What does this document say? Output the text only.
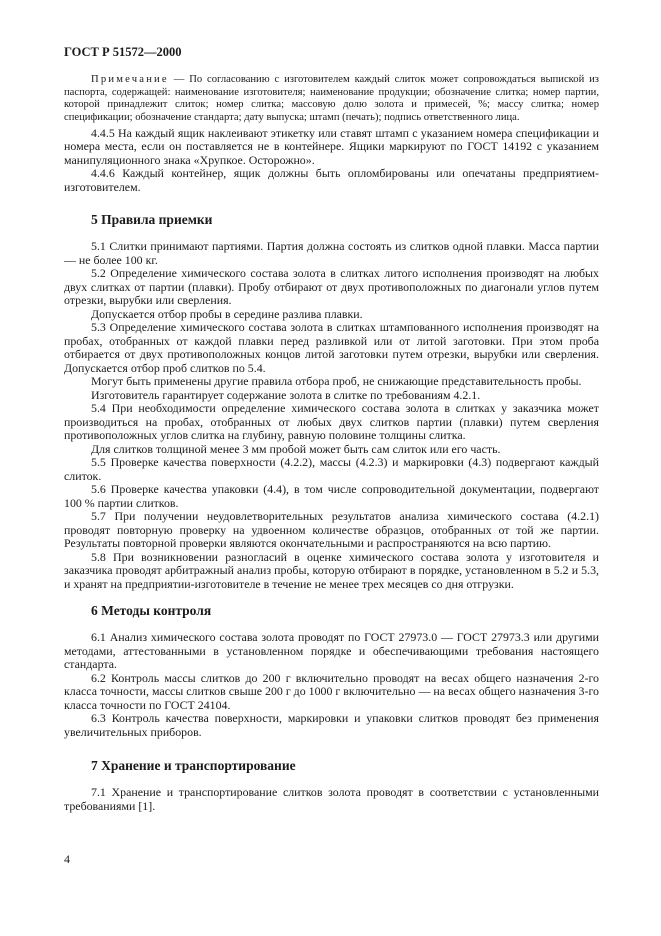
ГОСТ Р 51572—2000

Примечание — По согласованию с изготовителем каждый слиток может сопровождаться выпиской из паспорта, содержащей: наименование изготовителя; наименование продукции; обозначение слитка; номер партии, которой принадлежит слиток; номер слитка; массовую долю золота и примесей, %; массу слитка; номер спецификации; обозначение стандарта; дату выпуска; штамп (печать); подпись ответственного лица.

4.4.5 На каждый ящик наклеивают этикетку или ставят штамп с указанием номера спецификации и номера места, если он поставляется не в контейнере. Ящики маркируют по ГОСТ 14192 с указанием манипуляционного знака «Хрупкое. Осторожно».

4.4.6 Каждый контейнер, ящик должны быть опломбированы или опечатаны предприятием-изготовителем.

5 Правила приемки

5.1 Слитки принимают партиями. Партия должна состоять из слитков одной плавки. Масса партии — не более 100 кг.

5.2 Определение химического состава золота в слитках литого исполнения производят на любых двух слитках от партии (плавки). Пробу отбирают от двух противоположных по диагонали углов путем отрезки, вырубки или сверления.

Допускается отбор пробы в середине разлива плавки.

5.3 Определение химического состава золота в слитках штампованного исполнения производят на пробах, отобранных от каждой плавки перед разливкой или от литой заготовки. При этом проба отбирается от двух противоположных концов литой заготовки путем отрезки, вырубки или сверления. Допускается отбор проб слитков по 5.4.

Могут быть применены другие правила отбора проб, не снижающие представительность пробы.

Изготовитель гарантирует содержание золота в слитке по требованиям 4.2.1.

5.4 При необходимости определение химического состава золота в слитках у заказчика может производиться на пробах, отобранных от любых двух слитков партии (плавки) путем сверления противоположных углов слитка на глубину, равную половине толщины слитка.

Для слитков толщиной менее 3 мм пробой может быть сам слиток или его часть.

5.5 Проверке качества поверхности (4.2.2), массы (4.2.3) и маркировки (4.3) подвергают каждый слиток.

5.6 Проверке качества упаковки (4.4), в том числе сопроводительной документации, подвергают 100 % партии слитков.

5.7 При получении неудовлетворительных результатов анализа химического состава (4.2.1) проводят повторную проверку на удвоенном количестве образцов, отобранных от той же партии. Результаты повторной проверки являются окончательными и распространяются на всю партию.

5.8 При возникновении разногласий в оценке химического состава золота у изготовителя и заказчика проводят арбитражный анализ пробы, которую отбирают в порядке, установленном в 5.2 и 5.3, и хранят на предприятии-изготовителе в течение не менее трех месяцев со дня отгрузки.

6 Методы контроля

6.1 Анализ химического состава золота проводят по ГОСТ 27973.0 — ГОСТ 27973.3 или другими методами, аттестованными в установленном порядке и обеспечивающими требования настоящего стандарта.

6.2 Контроль массы слитков до 200 г включительно проводят на весах общего назначения 2-го класса точности, массы слитков свыше 200 г до 1000 г включительно — на весах общего назначения 3-го класса точности по ГОСТ 24104.

6.3 Контроль качества поверхности, маркировки и упаковки слитков проводят без применения увеличительных приборов.

7 Хранение и транспортирование

7.1 Хранение и транспортирование слитков золота проводят в соответствии с установленными требованиями [1].

4
